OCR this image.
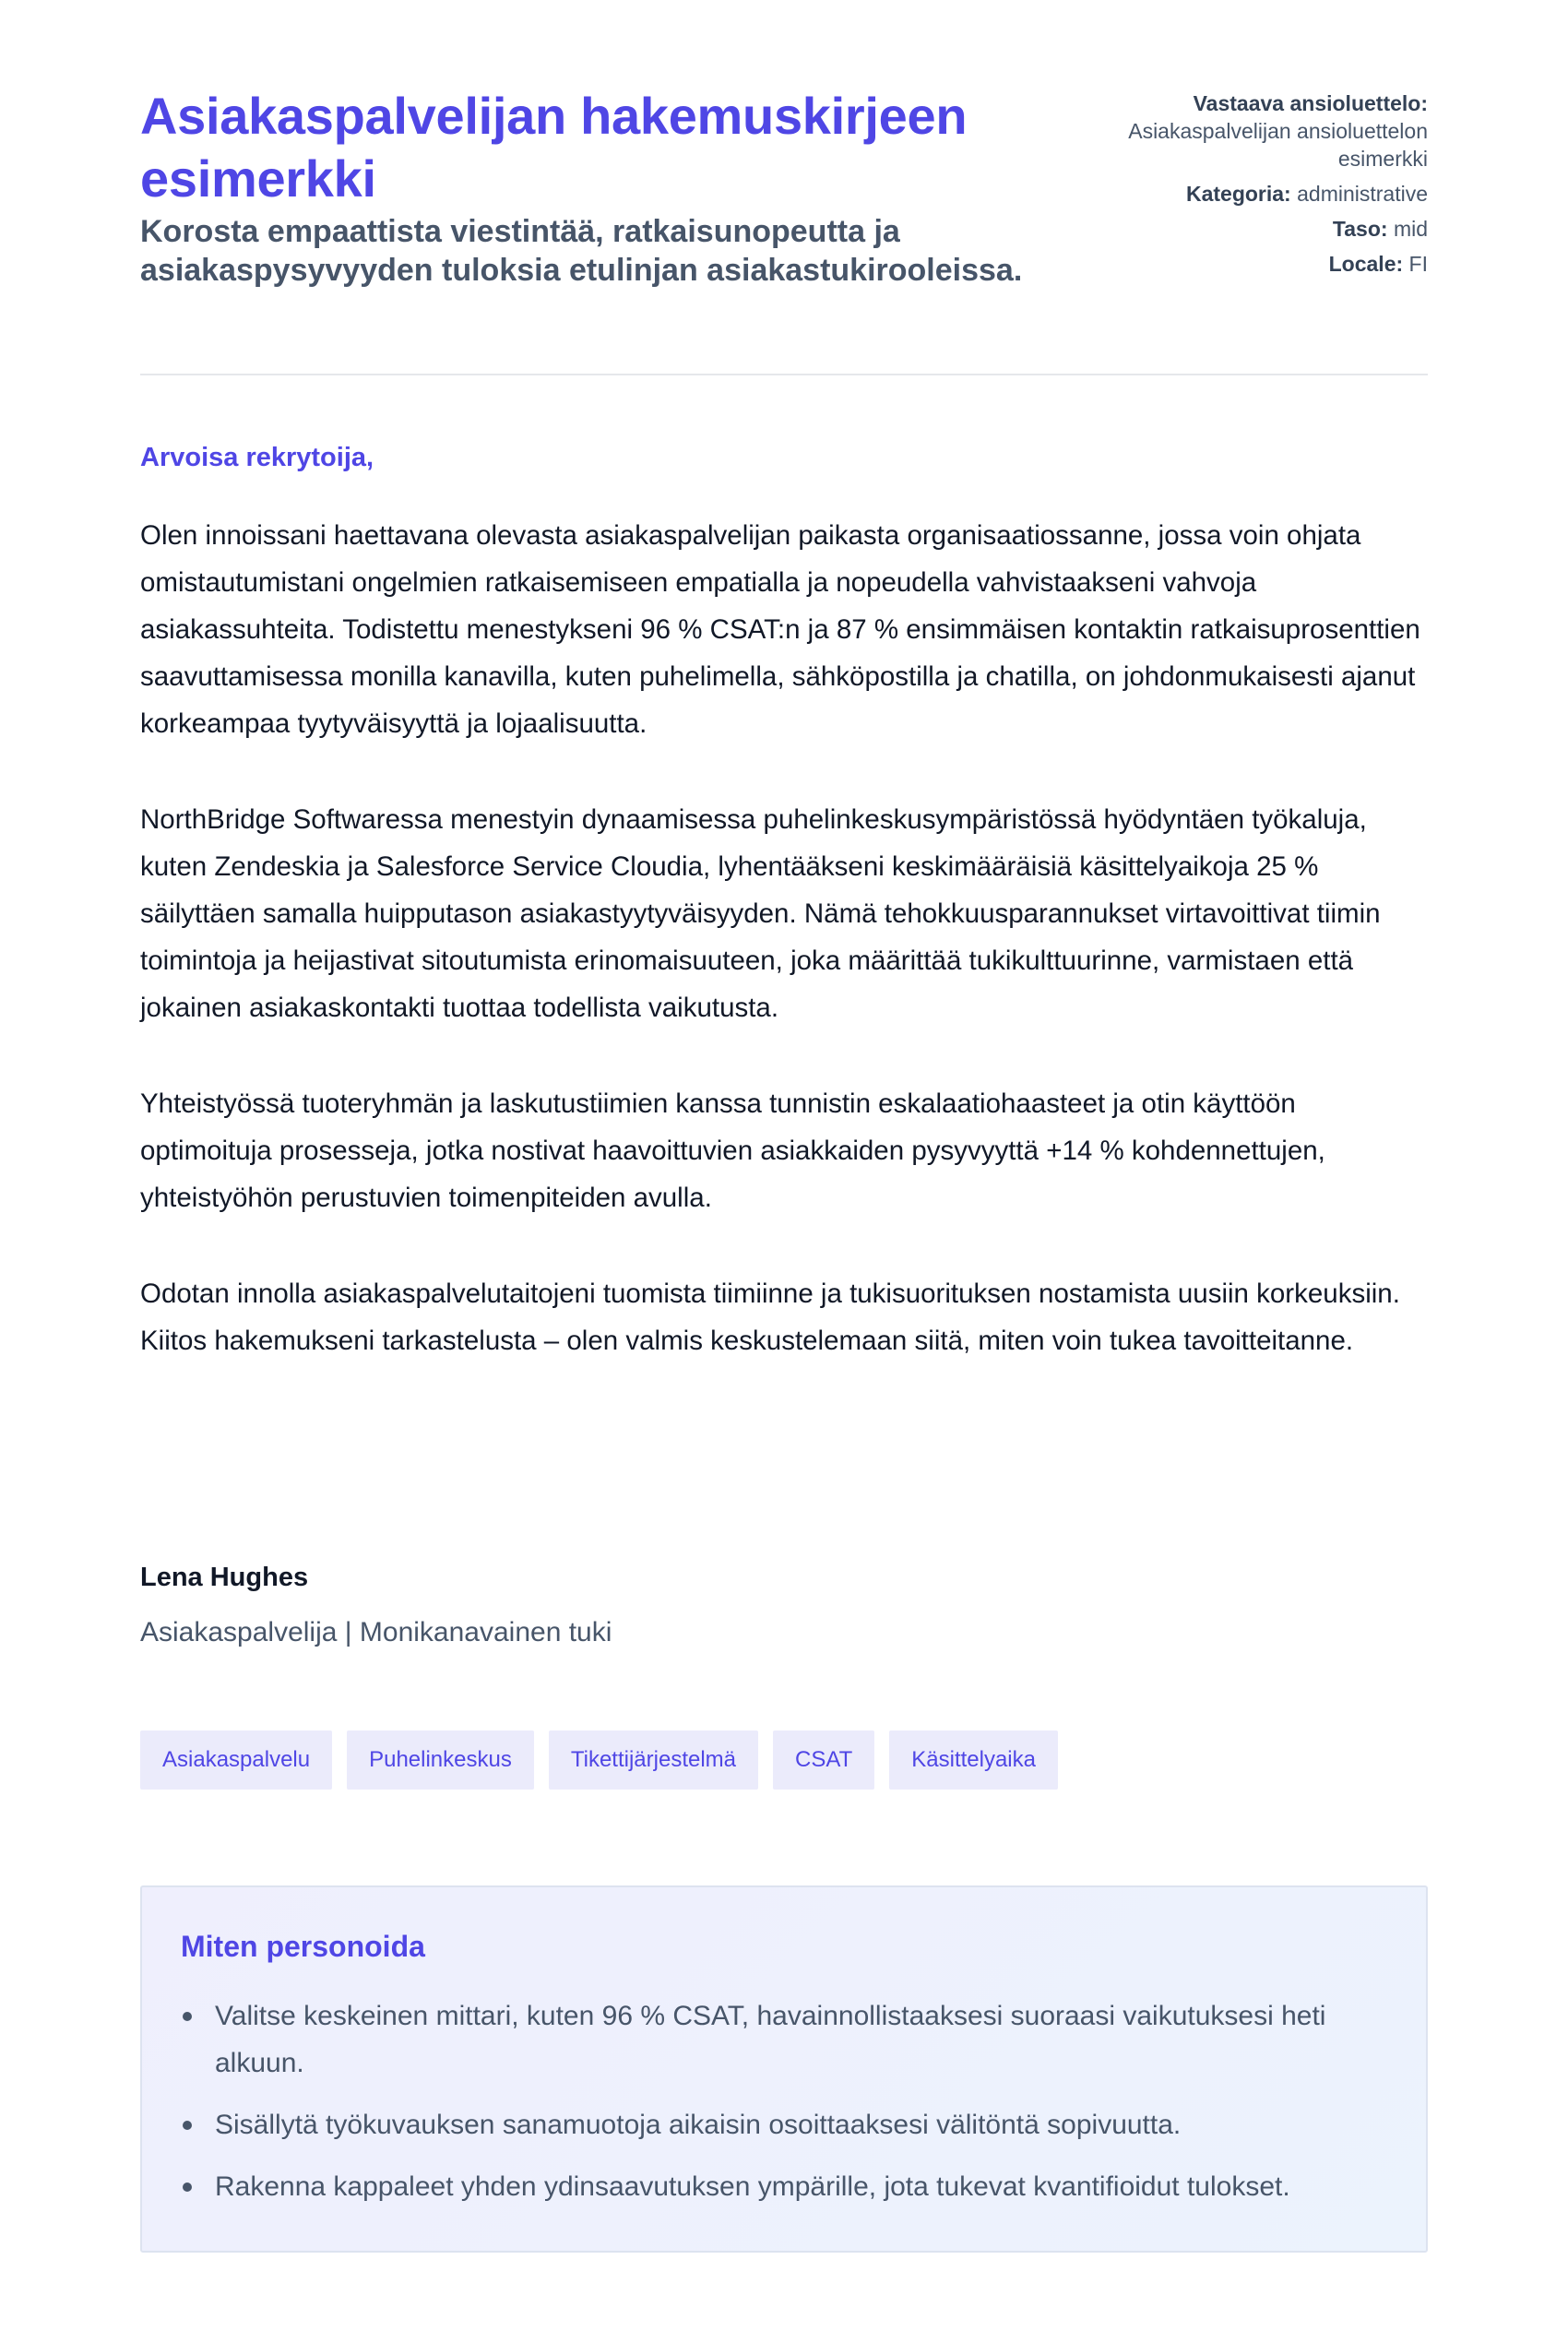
Asiakaspalvelijan hakemuskirjeen esimerkki

Korosta empaattista viestintää, ratkaisunopeutta ja asiakaspysyvyyden tuloksia etulinjan asiakastukirooleissa.

Vastaava ansioluettelo:
Asiakaspalvelijan ansioluettelon esimerkki
Kategoria: administrative
Taso: mid
Locale: FI

Arvoisa rekrytoija,

Olen innoissani haettavana olevasta asiakaspalvelijan paikasta organisaatiossanne, jossa voin ohjata omistautumistani ongelmien ratkaisemiseen empatialla ja nopeudella vahvistaakseni vahvoja asiakassuhteita. Todistettu menestykseni 96 % CSAT:n ja 87 % ensimmäisen kontaktin ratkaisuprosenttien saavuttamisessa monilla kanavilla, kuten puhelimella, sähköpostilla ja chatilla, on johdonmukaisesti ajanut korkeampaa tyytyväisyyttä ja lojaalisuutta.

NorthBridge Softwaressa menestyin dynaamisessa puhelinkeskusympäristössä hyödyntäen työkaluja, kuten Zendeskia ja Salesforce Service Cloudia, lyhentääkseni keskimääräisiä käsittelyaikoja 25 % säilyttäen samalla huipputason asiakastyytyväisyyden. Nämä tehokkuusparannukset virtavoittivat tiimin toimintoja ja heijastivat sitoutumista erinomaisuuteen, joka määrittää tukikulttuurinne, varmistaen että jokainen asiakaskontakti tuottaa todellista vaikutusta.

Yhteistyössä tuoteryhmän ja laskutustiimien kanssa tunnistin eskalaatiohaasteet ja otin käyttöön optimoituja prosesseja, jotka nostivat haavoittuvien asiakkaiden pysyvyyttä +14 % kohdennettujen, yhteistyöhön perustuvien toimenpiteiden avulla.

Odotan innolla asiakaspalvelutaitojeni tuomista tiimiinne ja tukisuorituksen nostamista uusiin korkeuksiin. Kiitos hakemukseni tarkastelusta – olen valmis keskustelemaan siitä, miten voin tukea tavoitteitanne.

Lena Hughes

Asiakaspalvelija | Monikanavainen tuki

Asiakaspalvelu	Puhelinkeskus	Tikettijärjestelmä	CSAT	Käsittelyaika
Miten personoida
Valitse keskeinen mittari, kuten 96 % CSAT, havainnollistaaksesi suoraasi vaikutuksesi heti alkuun.
Sisällytä työkuvauksen sanamuotoja aikaisin osoittaaksesi välitöntä sopivuutta.
Rakenna kappaleet yhden ydinsaavutuksen ympärille, jota tukevat kvantifioidut tulokset.
